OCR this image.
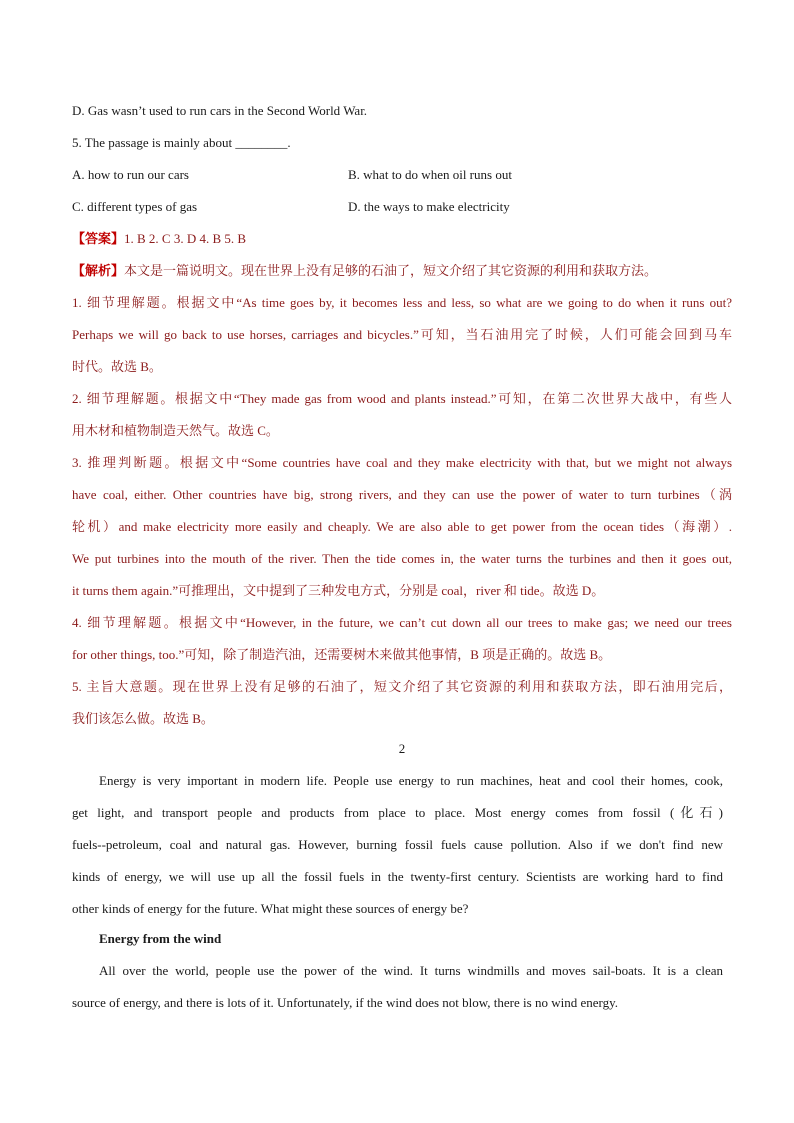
D. Gas wasn’t used to run cars in the Second World War.
5. The passage is mainly about ________.
A. how to run our cars	B. what to do when oil runs out
C. different types of gas	D. the ways to make electricity
【答案】1. B 2. C 3. D 4. B 5. B
【解析】本文是一篇说明文。现在世界上没有足够的石油了，短文介绍了其它资源的利用和获取方法。
1. 细节理解题。根据文中“As time goes by, it becomes less and less, so what are we going to do when it runs out?
Perhaps we will go back to use horses, carriages and bicycles.”可知，当石油用完了时候，人们可能会回到马车
时代。故选 B。
2. 细节理解题。根据文中“They made gas from wood and plants instead.”可知，在第二次世界大战中，有些人
用木材和植物制造天然气。故选 C。
3. 推理判断题。根据文中“Some countries have coal and they make electricity with that, but we might not always
have coal, either. Other countries have big, strong rivers, and they can use the power of water to turn turbines（涡
轮机）and make electricity more easily and cheaply. We are also able to get power from the ocean tides（海潮）.
We put turbines into the mouth of the river. Then the tide comes in, the water turns the turbines and then it goes out,
it turns them again.”可推理出，文中提到了三种发电方式，分别是 coal，river 和 tide。故选 D。
4. 细节理解题。根据文中“However, in the future, we can’t cut down all our trees to make gas; we need our trees
for other things, too.”可知，除了制造汽油，还需要树木来做其他事情，B 项是正确的。故选 B。
5. 主旨大意题。现在世界上没有足够的石油了，短文介绍了其它资源的利用和获取方法，即石油用完后，
我们该怎么做。故选 B。
2
Energy is very important in modern life. People use energy to run machines, heat and cool their homes, cook,
get light, and transport people and products from place to place. Most energy comes from fossil (化石)
fuels--petroleum, coal and natural gas. However, burning fossil fuels cause pollution. Also if we don't find new
kinds of energy, we will use up all the fossil fuels in the twenty-first century. Scientists are working hard to find
other kinds of energy for the future. What might these sources of energy be?
Energy from the wind
All over the world, people use the power of the wind. It turns windmills and moves sail-boats. It is a clean
source of energy, and there is lots of it. Unfortunately, if the wind does not blow, there is no wind energy.
